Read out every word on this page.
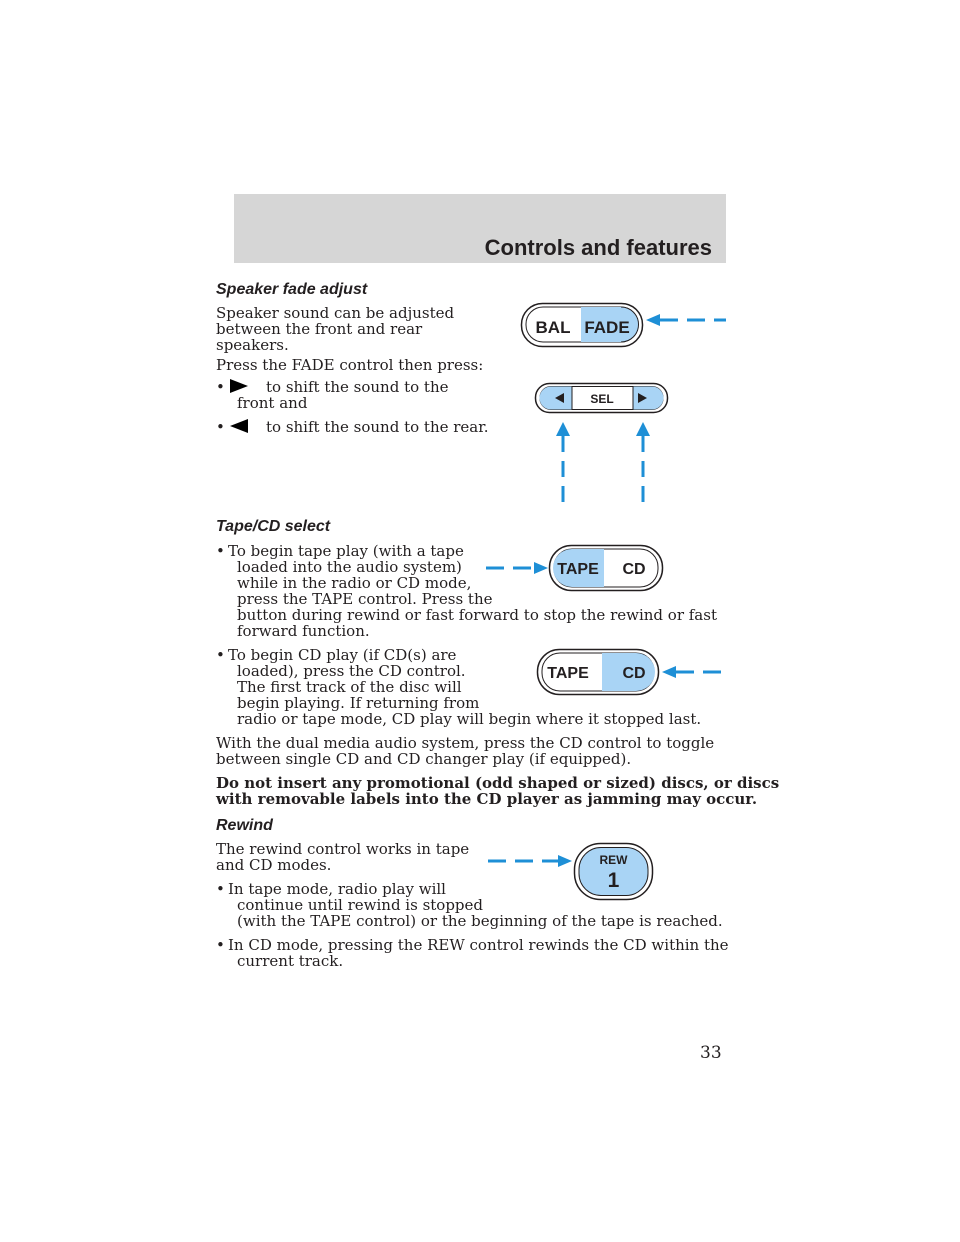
Controls and features
Speaker fade adjust
Speaker sound can be adjusted
between the front and rear
speakers.
Press the FADE control then press:
•	to shift the sound to the
front and
•	to shift the sound to the rear.
BAL FADE
SEL
Tape/CD select
• To begin tape play (with a tape
loaded into the audio system)
while in the radio or CD mode,
press the TAPE control. Press the
button during rewind or fast forward to stop the rewind or fast
forward function.
• To begin CD play (if CD(s) are
loaded), press the CD control.
The first track of the disc will
begin playing. If returning from
radio or tape mode, CD play will begin where it stopped last.
With the dual media audio system, press the CD control to toggle
between single CD and CD changer play (if equipped).
Do not insert any promotional (odd shaped or sized) discs, or discs
with removable labels into the CD player as jamming may occur.
TAPE CD
TAPE CD
Rewind
The rewind control works in tape
and CD modes.
• In tape mode, radio play will
continue until rewind is stopped
(with the TAPE control) or the beginning of the tape is reached.
• In CD mode, pressing the REW control rewinds the CD within the
current track.
REW
1
33
